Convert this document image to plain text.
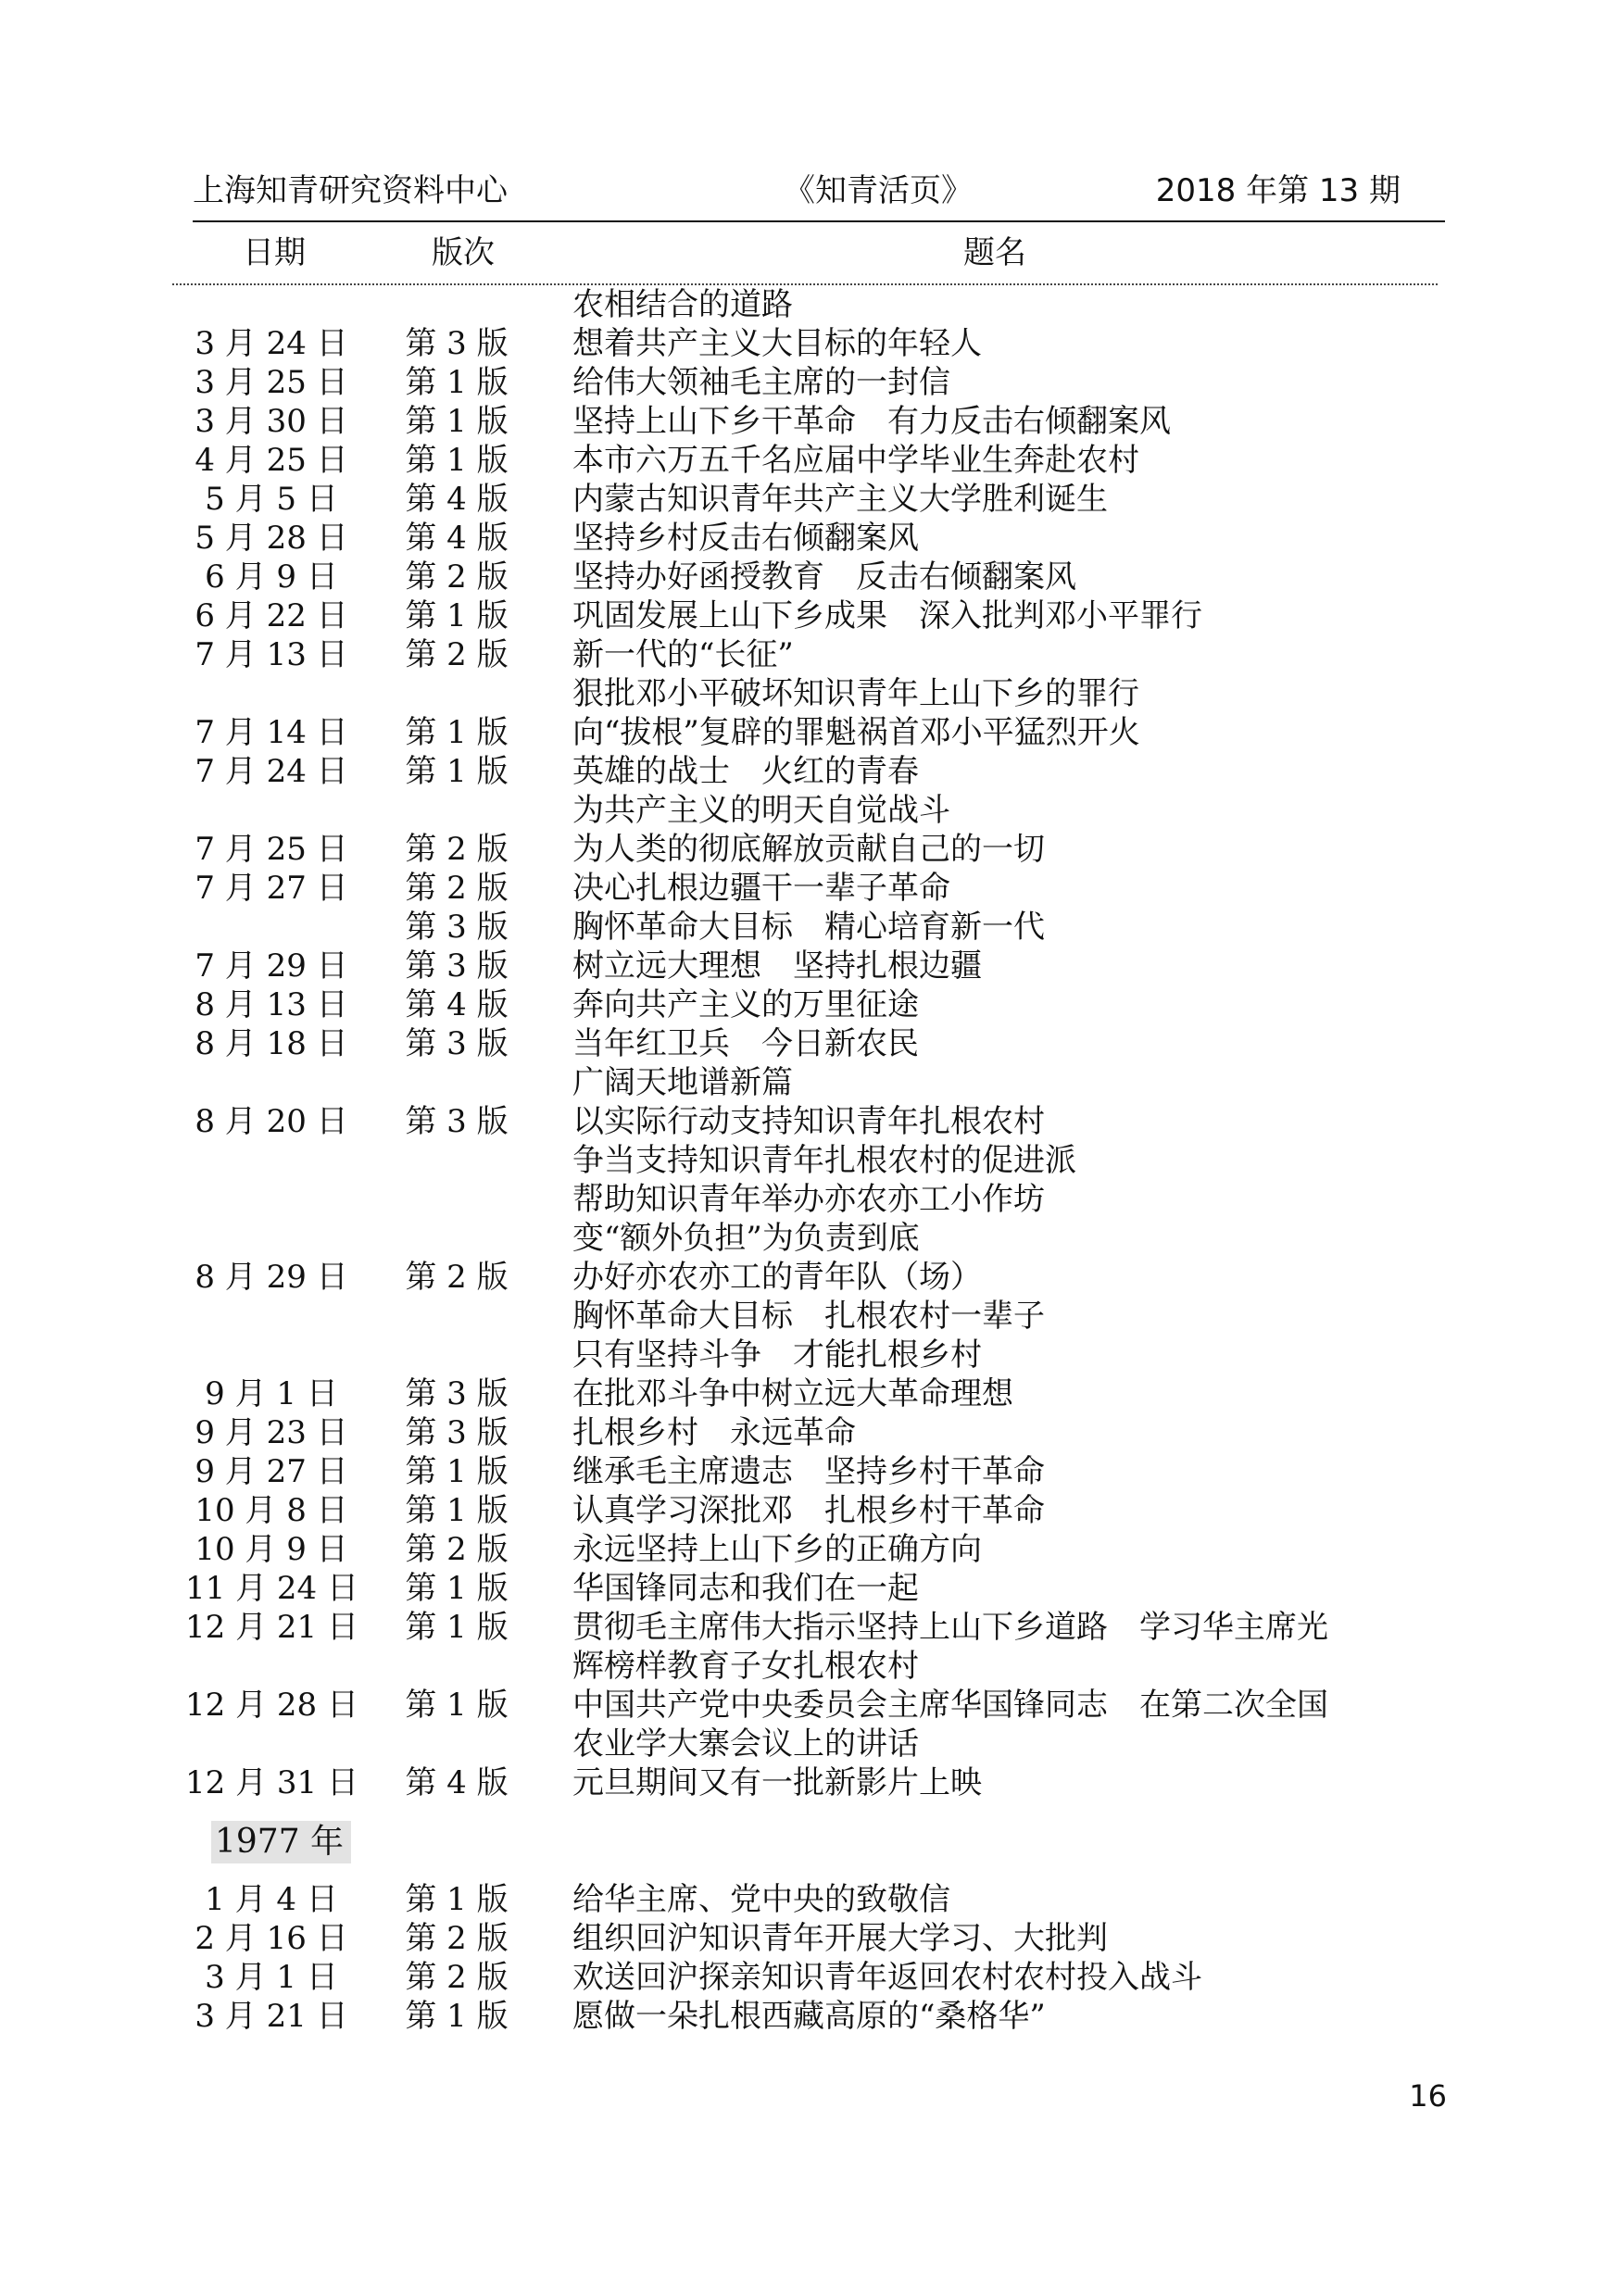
上海知青研究资料中心	《知青活页》	2018 年第 13 期
日期	版次	题名
农相结合的道路
3 月 24 日	第 3 版 想着共产主义大目标的年轻人
3 月 25 日	第 1 版 给伟大领袖毛主席的一封信
3 月 30 日	第 1 版 坚持上山下乡干革命　有力反击右倾翻案风
4 月 25 日	第 1 版 本市六万五千名应届中学毕业生奔赴农村
5 月 5 日	第 4 版 内蒙古知识青年共产主义大学胜利诞生
5 月 28 日	第 4 版 坚持乡村反击右倾翻案风
6 月 9 日	第 2 版 坚持办好函授教育　反击右倾翻案风
6 月 22 日	第 1 版 巩固发展上山下乡成果　深入批判邓小平罪行
7 月 13 日	第 2 版 新一代的“长征”
狠批邓小平破坏知识青年上山下乡的罪行
7 月 14 日	第 1 版 向“拔根”复辟的罪魁祸首邓小平猛烈开火
7 月 24 日	第 1 版 英雄的战士　火红的青春
为共产主义的明天自觉战斗
7 月 25 日	第 2 版 为人类的彻底解放贡献自己的一切
7 月 27 日	第 2 版 决心扎根边疆干一辈子革命
第 3 版 胸怀革命大目标　精心培育新一代
7 月 29 日	第 3 版 树立远大理想　坚持扎根边疆
8 月 13 日	第 4 版 奔向共产主义的万里征途
8 月 18 日	第 3 版 当年红卫兵　今日新农民
广阔天地谱新篇
8 月 20 日	第 3 版 以实际行动支持知识青年扎根农村
争当支持知识青年扎根农村的促进派
帮助知识青年举办亦农亦工小作坊
变“额外负担”为负责到底
8 月 29 日	第 2 版 办好亦农亦工的青年队（场）
胸怀革命大目标　扎根农村一辈子
只有坚持斗争　才能扎根乡村
9 月 1 日	第 3 版 在批邓斗争中树立远大革命理想
9 月 23 日	第 3 版 扎根乡村　永远革命
9 月 27 日	第 1 版 继承毛主席遗志　坚持乡村干革命
10 月 8 日	第 1 版 认真学习深批邓　扎根乡村干革命
10 月 9 日	第 2 版 永远坚持上山下乡的正确方向
11 月 24 日 第 1 版 华国锋同志和我们在一起
12 月 21 日 第 1 版 贯彻毛主席伟大指示坚持上山下乡道路　学习华主席光
辉榜样教育子女扎根农村
12 月 28 日 第 1 版 中国共产党中央委员会主席华国锋同志　在第二次全国
农业学大寨会议上的讲话
12 月 31 日 第 4 版 元旦期间又有一批新影片上映
1977 年
1 月 4 日	第 1 版 给华主席、党中央的致敬信
2 月 16 日	第 2 版 组织回沪知识青年开展大学习、大批判
3 月 1 日	第 2 版 欢送回沪探亲知识青年返回农村农村投入战斗
3 月 21 日	第 1 版 愿做一朵扎根西藏高原的“桑格华”
16
